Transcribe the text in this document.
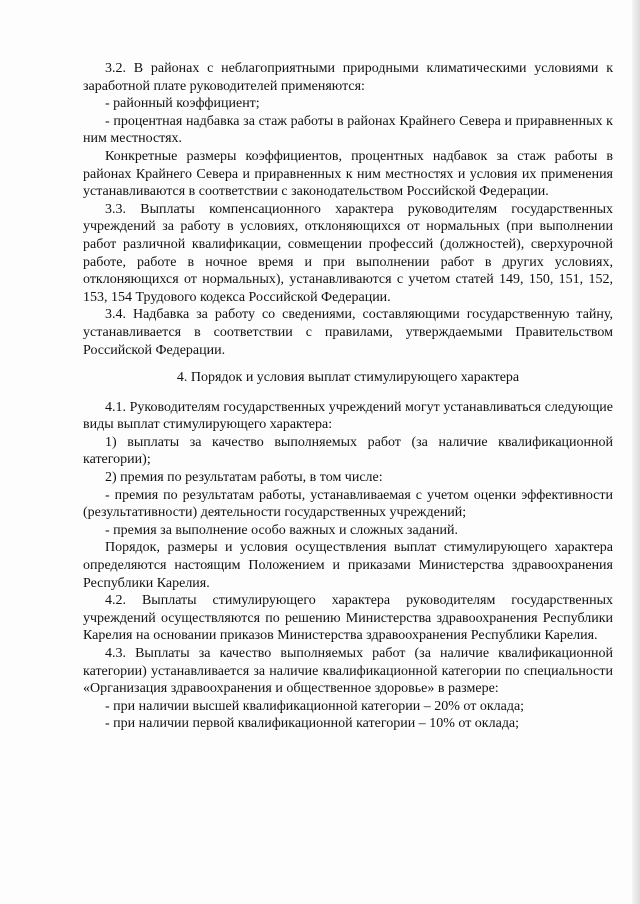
3.2. В районах с неблагоприятными природными климатическими условиями к заработной плате руководителей применяются:

- районный коэффициент;

- процентная надбавка за стаж работы в районах Крайнего Севера и приравненных к ним местностях.

Конкретные размеры коэффициентов, процентных надбавок за стаж работы в районах Крайнего Севера и приравненных к ним местностях и условия их применения устанавливаются в соответствии с законодательством Российской Федерации.

3.3. Выплаты компенсационного характера руководителям государственных учреждений за работу в условиях, отклоняющихся от нормальных (при выполнении работ различной квалификации, совмещении профессий (должностей), сверхурочной работе, работе в ночное время и при выполнении работ в других условиях, отклоняющихся от нормальных), устанавливаются с учетом статей 149, 150, 151, 152, 153, 154 Трудового кодекса Российской Федерации.

3.4. Надбавка за работу со сведениями, составляющими государственную тайну, устанавливается в соответствии с правилами, утверждаемыми Правительством Российской Федерации.

4. Порядок и условия выплат стимулирующего характера

4.1. Руководителям государственных учреждений могут устанавливаться следующие виды выплат стимулирующего характера:

1) выплаты за качество выполняемых работ (за наличие квалификационной категории);

2) премия по результатам работы, в том числе:

- премия по результатам работы, устанавливаемая с учетом оценки эффективности (результативности) деятельности государственных учреждений;

- премия за выполнение особо важных и сложных заданий.

Порядок, размеры и условия осуществления выплат стимулирующего характера определяются настоящим Положением и приказами Министерства здравоохранения Республики Карелия.

4.2. Выплаты стимулирующего характера руководителям государственных учреждений осуществляются по решению Министерства здравоохранения Республики Карелия на основании приказов Министерства здравоохранения Республики Карелия.

4.3. Выплаты за качество выполняемых работ (за наличие квалификационной категории) устанавливается за наличие квалификационной категории по специальности «Организация здравоохранения и общественное здоровье» в размере:

- при наличии высшей квалификационной категории – 20% от оклада;

- при наличии первой квалификационной категории – 10% от оклада;
